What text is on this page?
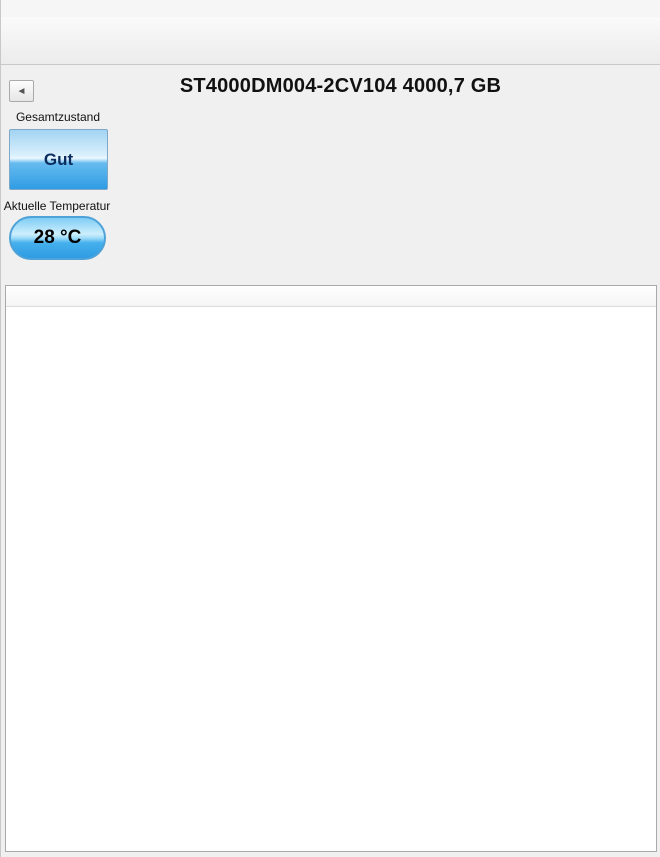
◄	ST4000DM004-2CV104 4000,7 GB
Gesamtzustand
Gut
Aktuelle Temperatur
28 °C
